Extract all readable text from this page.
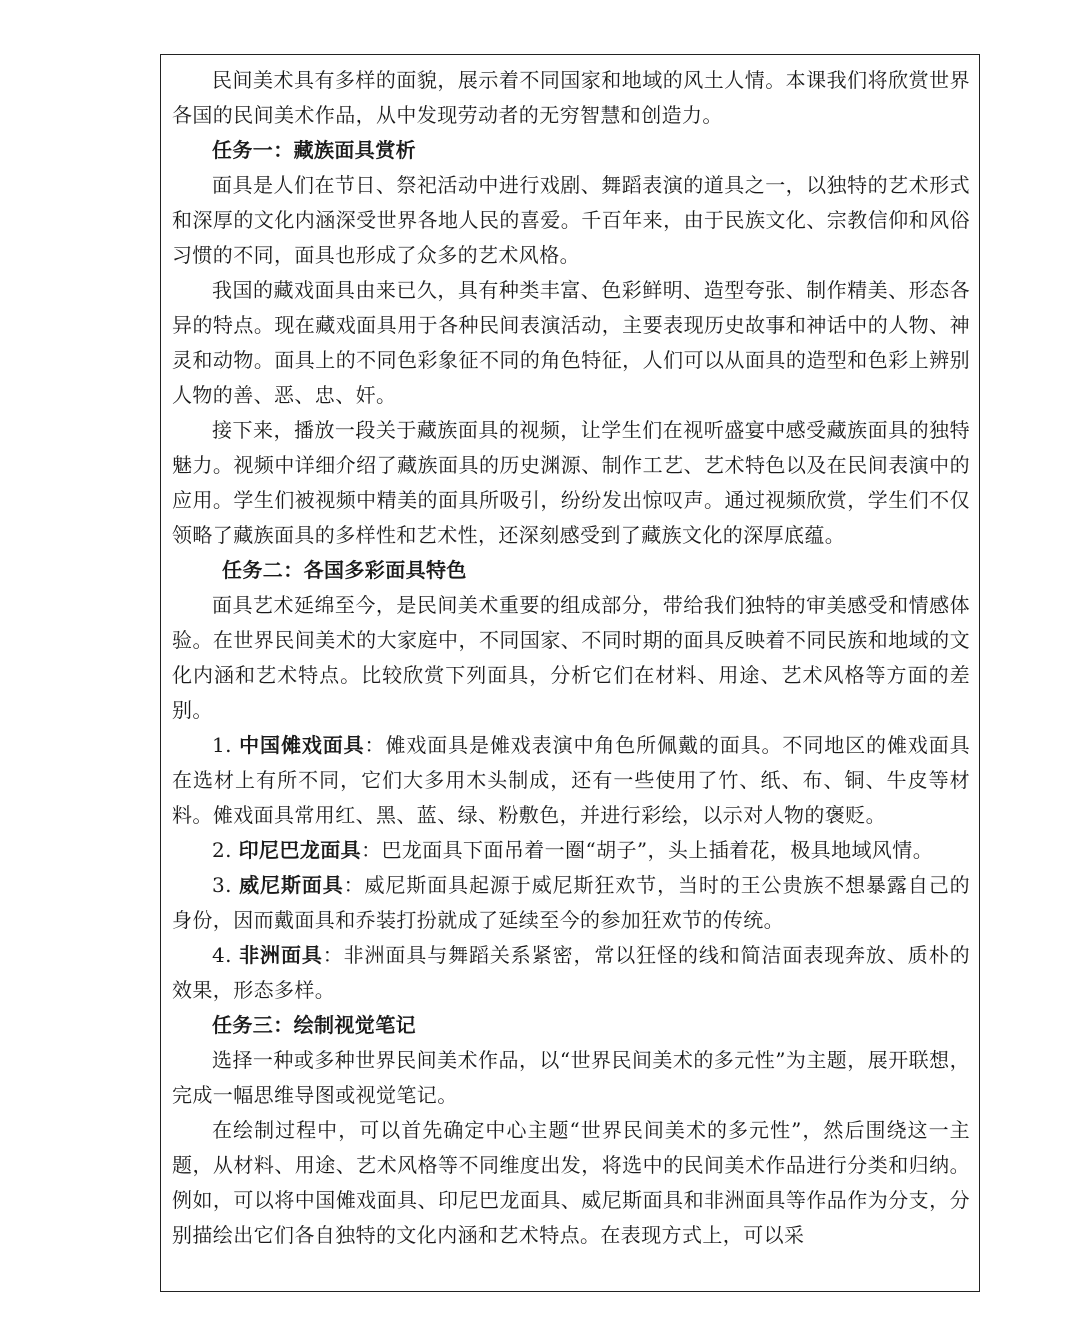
民间美术具有多样的面貌，展示着不同国家和地域的风土人情。本课我们将欣赏世界各国的民间美术作品，从中发现劳动者的无穷智慧和创造力。

任务一：藏族面具赏析

面具是人们在节日、祭祀活动中进行戏剧、舞蹈表演的道具之一，以独特的艺术形式和深厚的文化内涵深受世界各地人民的喜爱。千百年来，由于民族文化、宗教信仰和风俗习惯的不同，面具也形成了众多的艺术风格。

我国的藏戏面具由来已久，具有种类丰富、色彩鲜明、造型夸张、制作精美、形态各异的特点。现在藏戏面具用于各种民间表演活动，主要表现历史故事和神话中的人物、神灵和动物。面具上的不同色彩象征不同的角色特征，人们可以从面具的造型和色彩上辨别人物的善、恶、忠、奸。

接下来，播放一段关于藏族面具的视频，让学生们在视听盛宴中感受藏族面具的独特魅力。视频中详细介绍了藏族面具的历史渊源、制作工艺、艺术特色以及在民间表演中的应用。学生们被视频中精美的面具所吸引，纷纷发出惊叹声。通过视频欣赏，学生们不仅领略了藏族面具的多样性和艺术性，还深刻感受到了藏族文化的深厚底蕴。

任务二：各国多彩面具特色

面具艺术延绵至今，是民间美术重要的组成部分，带给我们独特的审美感受和情感体验。在世界民间美术的大家庭中，不同国家、不同时期的面具反映着不同民族和地域的文化内涵和艺术特点。比较欣赏下列面具，分析它们在材料、用途、艺术风格等方面的差别。

1. 中国傩戏面具：傩戏面具是傩戏表演中角色所佩戴的面具。不同地区的傩戏面具在选材上有所不同，它们大多用木头制成，还有一些使用了竹、纸、布、铜、牛皮等材料。傩戏面具常用红、黑、蓝、绿、粉敷色，并进行彩绘，以示对人物的褒贬。

2. 印尼巴龙面具：巴龙面具下面吊着一圈“胡子”，头上插着花，极具地域风情。

3. 威尼斯面具：威尼斯面具起源于威尼斯狂欢节，当时的王公贵族不想暴露自己的身份，因而戴面具和乔装打扮就成了延续至今的参加狂欢节的传统。

4. 非洲面具：非洲面具与舞蹈关系紧密，常以狂怪的线和简洁面表现奔放、质朴的效果，形态多样。

任务三：绘制视觉笔记

选择一种或多种世界民间美术作品，以“世界民间美术的多元性”为主题，展开联想，完成一幅思维导图或视觉笔记。

在绘制过程中，可以首先确定中心主题“世界民间美术的多元性”，然后围绕这一主题，从材料、用途、艺术风格等不同维度出发，将选中的民间美术作品进行分类和归纳。例如，可以将中国傩戏面具、印尼巴龙面具、威尼斯面具和非洲面具等作品作为分支，分别描绘出它们各自独特的文化内涵和艺术特点。在表现方式上，可以采
